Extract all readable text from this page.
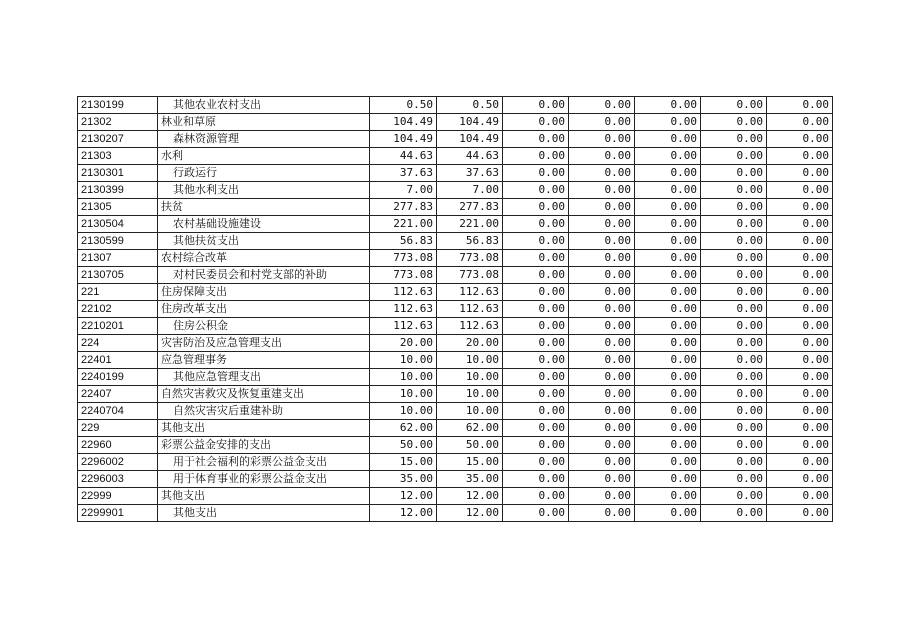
2130199	其他农业农村支出	0.50	0.50	0.00	0.00	0.00	0.00	0.00
21302	林业和草原	104.49	104.49	0.00	0.00	0.00	0.00	0.00
2130207	森林资源管理	104.49	104.49	0.00	0.00	0.00	0.00	0.00
21303	水利	44.63	44.63	0.00	0.00	0.00	0.00	0.00
2130301	行政运行	37.63	37.63	0.00	0.00	0.00	0.00	0.00
2130399	其他水利支出	7.00	7.00	0.00	0.00	0.00	0.00	0.00
21305	扶贫	277.83	277.83	0.00	0.00	0.00	0.00	0.00
2130504	农村基础设施建设	221.00	221.00	0.00	0.00	0.00	0.00	0.00
2130599	其他扶贫支出	56.83	56.83	0.00	0.00	0.00	0.00	0.00
21307	农村综合改革	773.08	773.08	0.00	0.00	0.00	0.00	0.00
2130705	对村民委员会和村党支部的补助	773.08	773.08	0.00	0.00	0.00	0.00	0.00
221	住房保障支出	112.63	112.63	0.00	0.00	0.00	0.00	0.00
22102	住房改革支出	112.63	112.63	0.00	0.00	0.00	0.00	0.00
2210201	住房公积金	112.63	112.63	0.00	0.00	0.00	0.00	0.00
224	灾害防治及应急管理支出	20.00	20.00	0.00	0.00	0.00	0.00	0.00
22401	应急管理事务	10.00	10.00	0.00	0.00	0.00	0.00	0.00
2240199	其他应急管理支出	10.00	10.00	0.00	0.00	0.00	0.00	0.00
22407	自然灾害救灾及恢复重建支出	10.00	10.00	0.00	0.00	0.00	0.00	0.00
2240704	自然灾害灾后重建补助	10.00	10.00	0.00	0.00	0.00	0.00	0.00
229	其他支出	62.00	62.00	0.00	0.00	0.00	0.00	0.00
22960	彩票公益金安排的支出	50.00	50.00	0.00	0.00	0.00	0.00	0.00
2296002	用于社会福利的彩票公益金支出	15.00	15.00	0.00	0.00	0.00	0.00	0.00
2296003	用于体育事业的彩票公益金支出	35.00	35.00	0.00	0.00	0.00	0.00	0.00
22999	其他支出	12.00	12.00	0.00	0.00	0.00	0.00	0.00
2299901	其他支出	12.00	12.00	0.00	0.00	0.00	0.00	0.00
